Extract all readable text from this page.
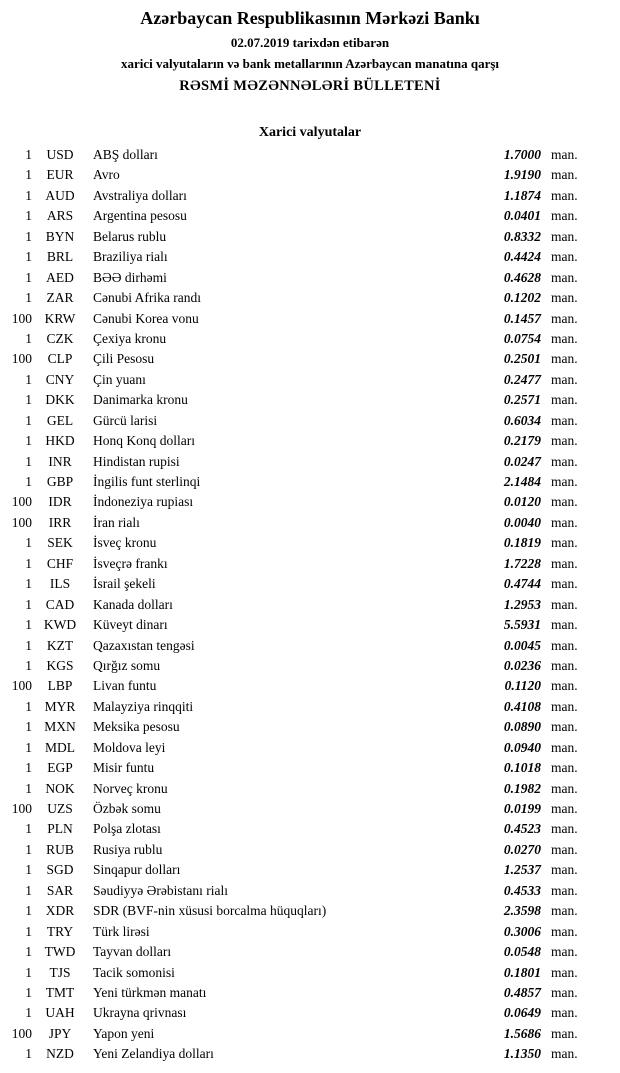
Azərbaycan Respublikasının Mərkəzi Bankı
02.07.2019 tarixdən etibarən
xarici valyutaların və bank metallarının Azərbaycan manatına qarşı
RƏSMİ MƏZƏNNƏLƏRİ BÜLLETENİ
Xarici valyutalar
1	USD	ABŞ dolları	1.7000 man.
1	EUR	Avro	1.9190 man.
1 AUD	Avstraliya dolları	1.1874 man.
1	ARS	Argentina pesosu	0.0401 man.
1	BYN	Belarus rublu	0.8332 man.
1	BRL	Braziliya rialı	0.4424 man.
1	AED	BƏƏ dirhəmi	0.4628 man.
1	ZAR	Cənubi Afrika randı	0.1202 man.
100 KRW	Cənubi Korea vonu	0.1457 man.
1	CZK	Çexiya kronu	0.0754 man.
100	CLP	Çili Pesosu	0.2501 man.
1	CNY	Çin yuanı	0.2477 man.
1 DKK	Danimarka kronu	0.2571 man.
1	GEL	Gürcü larisi	0.6034 man.
1 HKD	Honq Konq dolları	0.2179 man.
1	INR	Hindistan rupisi	0.0247 man.
1	GBP	İngilis funt sterlinqi	2.1484 man.
100	IDR	İndoneziya rupiası	0.0120 man.
100	IRR	İran rialı	0.0040 man.
1	SEK	İsveç kronu	0.1819 man.
1	CHF	İsveçrə frankı	1.7228 man.
1	ILS	İsrail şekeli	0.4744 man.
1	CAD	Kanada dolları	1.2953 man.
1 KWD	Küveyt dinarı	5.5931 man.
1	KZT	Qazaxıstan tengəsi	0.0045 man.
1	KGS	Qırğız somu	0.0236 man.
100	LBP	Livan funtu	0.1120 man.
1 MYR	Malayziya rinqqiti	0.4108 man.
1 MXN	Meksika pesosu	0.0890 man.
1 MDL	Moldova leyi	0.0940 man.
1	EGP	Misir funtu	0.1018 man.
1 NOK	Norveç kronu	0.1982 man.
100	UZS	Özbək somu	0.0199 man.
1	PLN	Polşa zlotası	0.4523 man.
1	RUB	Rusiya rublu	0.0270 man.
1	SGD	Sinqapur dolları	1.2537 man.
1	SAR	Səudiyyə Ərəbistanı rialı	0.4533 man.
1	XDR	SDR (BVF-nin xüsusi borcalma hüquqları)	2.3598 man.
1	TRY	Türk lirəsi	0.3006 man.
1 TWD	Tayvan dolları	0.0548 man.
1	TJS	Tacik somonisi	0.1801 man.
1	TMT	Yeni türkmən manatı	0.4857 man.
1 UAH	Ukrayna qrivnası	0.0649 man.
100	JPY	Yapon yeni	1.5686 man.
1	NZD	Yeni Zelandiya dolları	1.1350 man.
